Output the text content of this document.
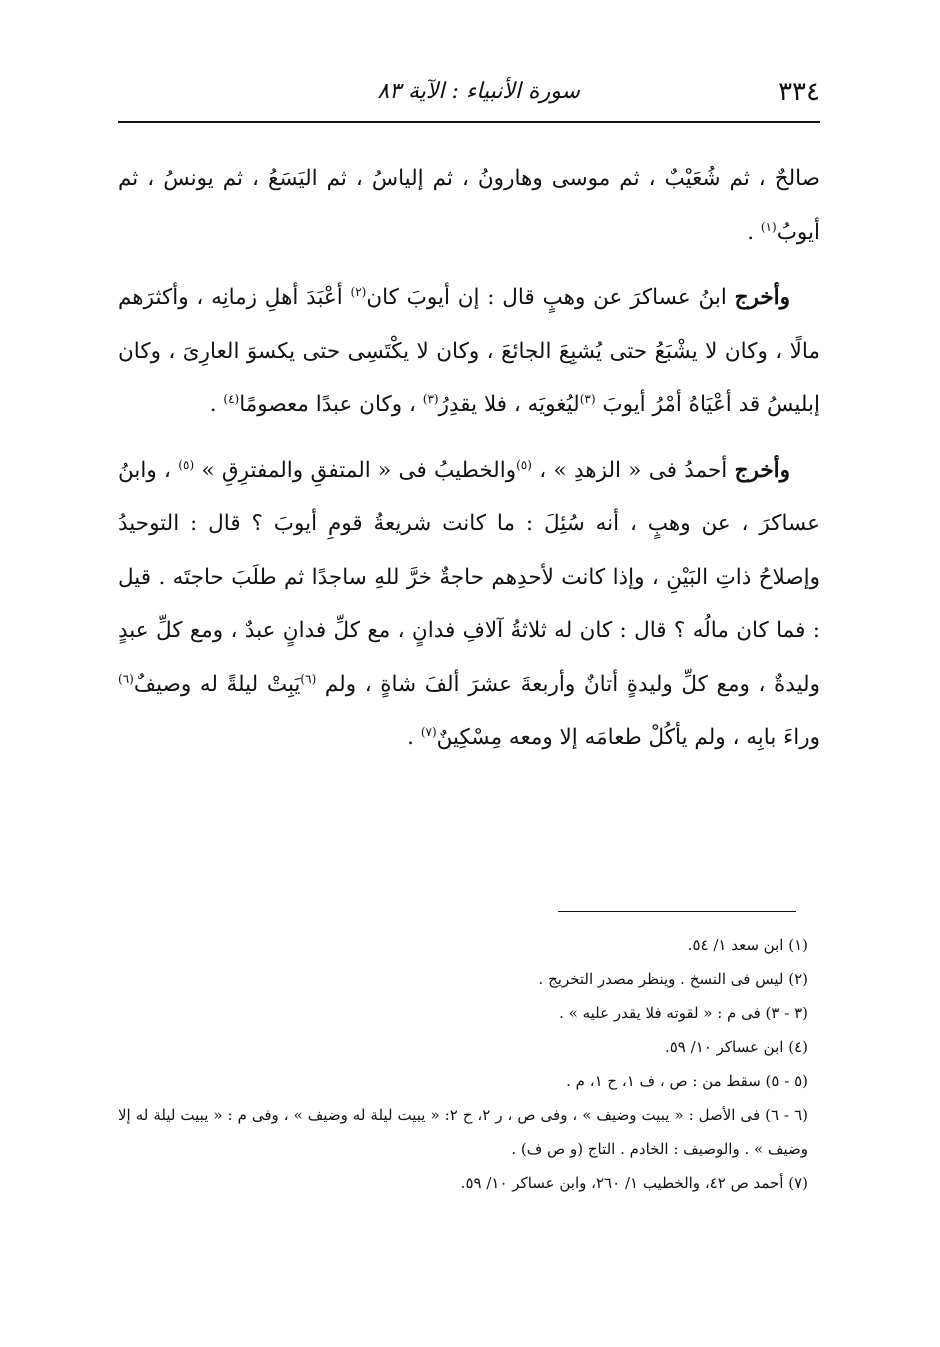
٣٣٤
سورة الأنبياء : الآية ٨٣

صالحٌ ، ثم شُعَيْبٌ ، ثم موسى وهارونُ ، ثم إلياسُ ، ثم اليَسَعُ ، ثم يونسُ ، ثم أيوبُ$^{(١)}$ .

وأخرج ابنُ عساكرَ عن وهبٍ قال : إن أيوبَ كان$^{(٢)}$ أعْبَدَ أهلِ زمانِه ، وأكثرَهم مالًا ، وكان لا يشْبَعُ حتى يُشبِعَ الجائعَ ، وكان لا يكْتَسِى حتى يكسوَ العارِىَ ، وكان إبليسُ قد أعْيَاهُ أمْرُ أيوبَ $^{(٣)}$ليُغويَه ، فلا يقدِرُ$^{(٣)}$ ، وكان عبدًا معصومًا$^{(٤)}$ .

وأخرج أحمدُ فى « الزهدِ » ، $^{(٥)}$والخطيبُ فى « المتفقِ والمفترِقِ » $^{(٥)}$ ، وابنُ عساكرَ ، عن وهبٍ ، أنه سُئِلَ : ما كانت شريعةُ قومِ أيوبَ ؟ قال : التوحيدُ وإصلاحُ ذاتِ البَيْنِ ، وإذا كانت لأحدِهم حاجةٌ خرَّ للهِ ساجدًا ثم طلَبَ حاجتَه . قيل : فما كان مالُه ؟ قال : كان له ثلاثةُ آلافِ فدانٍ ، مع كلِّ فدانٍ عبدٌ ، ومع كلِّ عبدٍ وليدةٌ ، ومع كلِّ وليدةٍ أتانٌ وأربعةَ عشرَ ألفَ شاةٍ ، ولم $^{(٦)}$يَبِتْ ليلةً له وصيفٌ$^{(٦)}$ وراءَ بابِه ، ولم يأكُلْ طعامَه إلا ومعه مِسْكِينٌ$^{(٧)}$ .

(١) ابن سعد ١/ ٥٤.
(٢) ليس فى النسخ . وينظر مصدر التخريج .
(٣ - ٣) فى م : « لقوته فلا يقدر عليه » .
(٤) ابن عساكر ١٠/ ٥٩.
(٥ - ٥) سقط من : ص ، ف ١، ح ١، م .
(٦ - ٦) فى الأصل : « يبيت وضيف » ، وفى ص ، ر ٢، ح ٢: « يبيت ليلة له وضيف » ، وفى م : « يبيت ليلة له إلا وضيف » . والوصيف : الخادم . التاج (و ص ف) .
(٧) أحمد ص ٤٢، والخطيب ١/ ٢٦٠، وابن عساكر ١٠/ ٥٩.
